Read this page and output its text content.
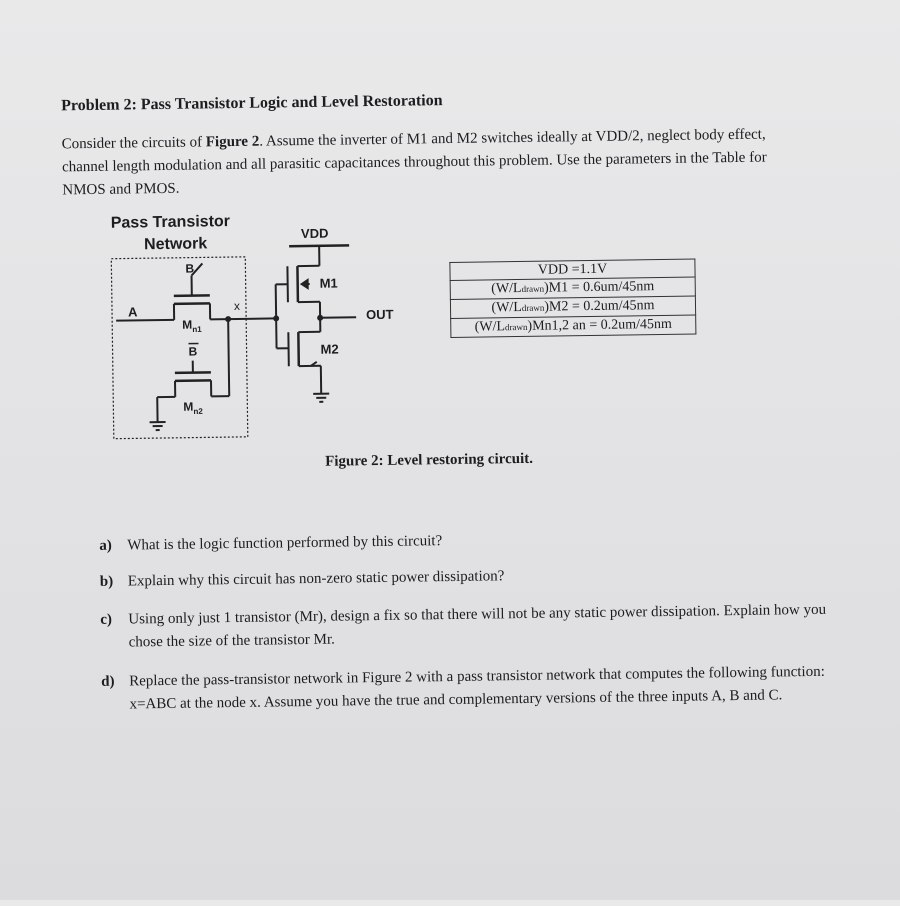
Problem 2: Pass Transistor Logic and Level Restoration
Consider the circuits of Figure 2. Assume the inverter of M1 and M2 switches ideally at VDD/2, neglect body effect, channel length modulation and all parasitic capacitances throughout this problem. Use the parameters in the Table for NMOS and PMOS.
Pass Transistor
Network
VDD
A	x
B
B
$M_{n1}$
$M_{n2}$
M1
M2
OUT
VDD =1.1V
(W/Ldrawn)M1 = 0.6um/45nm
(W/Ldrawn)M2 = 0.2um/45nm
(W/Ldrawn)Mn1,2 an = 0.2um/45nm
Figure 2: Level restoring circuit.
a) What is the logic function performed by this circuit?
b) Explain why this circuit has non-zero static power dissipation?
c) Using only just 1 transistor (Mr), design a fix so that there will not be any static power dissipation. Explain how you chose the size of the transistor Mr.
d) Replace the pass-transistor network in Figure 2 with a pass transistor network that computes the following function: x=ABC at the node x. Assume you have the true and complementary versions of the three inputs A, B and C.
